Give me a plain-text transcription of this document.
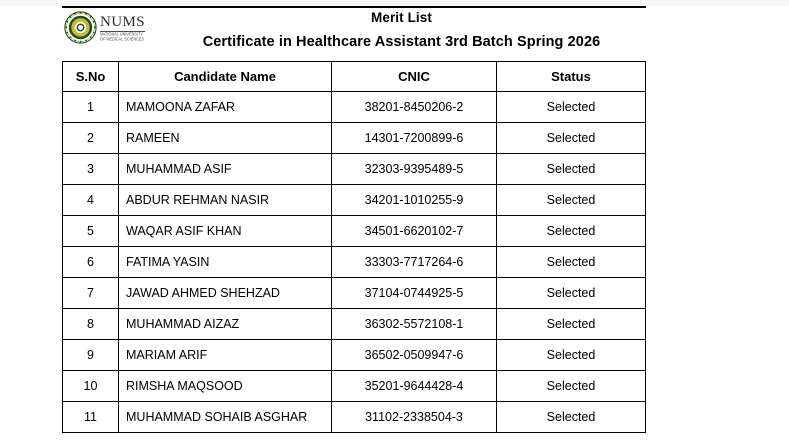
NUMS
NATIONAL UNIVERSITY
OF MEDICAL SCIENCES
Merit List
Certificate in Healthcare Assistant 3rd Batch Spring 2026
S.No	Candidate Name	CNIC	Status
1	MAMOONA ZAFAR	38201-8450206-2	Selected
2	RAMEEN	14301-7200899-6	Selected
3	MUHAMMAD ASIF	32303-9395489-5	Selected
4	ABDUR REHMAN NASIR	34201-1010255-9	Selected
5	WAQAR ASIF KHAN	34501-6620102-7	Selected
6	FATIMA YASIN	33303-7717264-6	Selected
7	JAWAD AHMED SHEHZAD	37104-0744925-5	Selected
8	MUHAMMAD AIZAZ	36302-5572108-1	Selected
9	MARIAM ARIF	36502-0509947-6	Selected
10	RIMSHA MAQSOOD	35201-9644428-4	Selected
11	MUHAMMAD SOHAIB ASGHAR	31102-2338504-3	Selected
